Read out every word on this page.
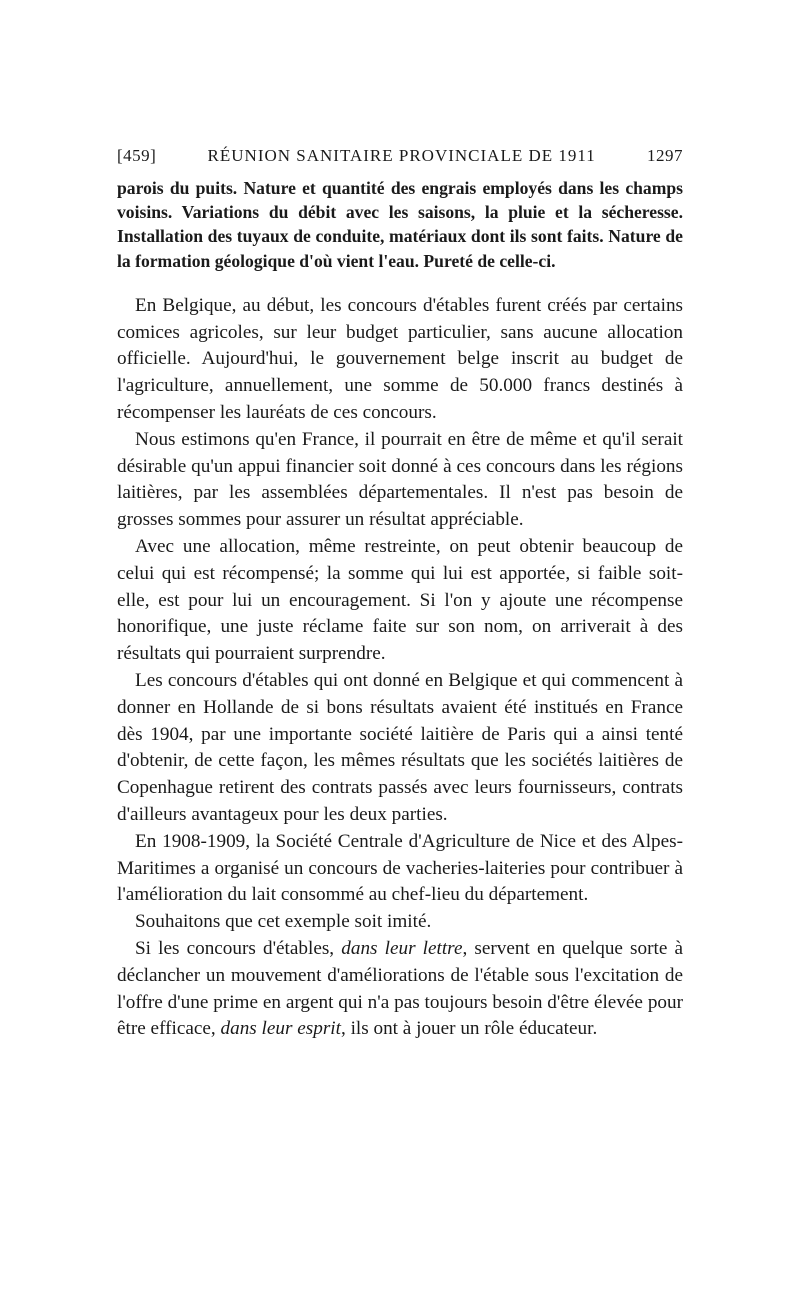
[459]	RÉUNION SANITAIRE PROVINCIALE DE 1911	1297

parois du puits. Nature et quantité des engrais employés dans les champs voisins. Variations du débit avec les saisons, la pluie et la sécheresse. Installation des tuyaux de conduite, matériaux dont ils sont faits. Nature de la formation géologique d'où vient l'eau. Pureté de celle-ci.

En Belgique, au début, les concours d'étables furent créés par certains comices agricoles, sur leur budget particulier, sans aucune allocation officielle. Aujourd'hui, le gouvernement belge inscrit au budget de l'agriculture, annuellement, une somme de 50.000 francs destinés à récompenser les lauréats de ces concours.

Nous estimons qu'en France, il pourrait en être de même et qu'il serait désirable qu'un appui financier soit donné à ces concours dans les régions laitières, par les assemblées départementales. Il n'est pas besoin de grosses sommes pour assurer un résultat appréciable.

Avec une allocation, même restreinte, on peut obtenir beaucoup de celui qui est récompensé; la somme qui lui est apportée, si faible soit-elle, est pour lui un encouragement. Si l'on y ajoute une récompense honorifique, une juste réclame faite sur son nom, on arriverait à des résultats qui pourraient surprendre.

Les concours d'étables qui ont donné en Belgique et qui commencent à donner en Hollande de si bons résultats avaient été institués en France dès 1904, par une importante société laitière de Paris qui a ainsi tenté d'obtenir, de cette façon, les mêmes résultats que les sociétés laitières de Copenhague retirent des contrats passés avec leurs fournisseurs, contrats d'ailleurs avantageux pour les deux parties.

En 1908-1909, la Société Centrale d'Agriculture de Nice et des Alpes-Maritimes a organisé un concours de vacheries-laiteries pour contribuer à l'amélioration du lait consommé au chef-lieu du département.

Souhaitons que cet exemple soit imité.

Si les concours d'étables, dans leur lettre, servent en quelque sorte à déclancher un mouvement d'améliorations de l'étable sous l'excitation de l'offre d'une prime en argent qui n'a pas toujours besoin d'être élevée pour être efficace, dans leur esprit, ils ont à jouer un rôle éducateur.
